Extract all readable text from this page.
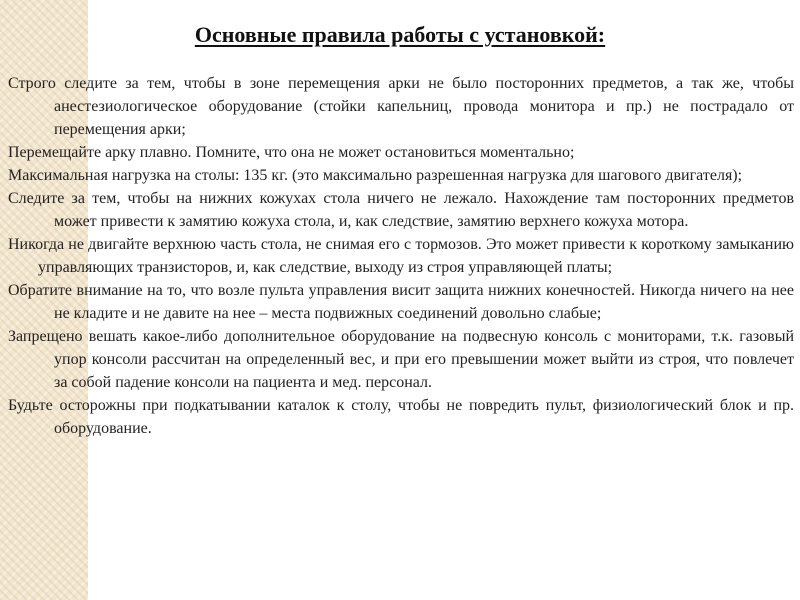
Основные правила работы с установкой:
Строго следите за тем, чтобы в зоне перемещения арки не было посторонних предметов, а так же, чтобы анестезиологическое оборудование (стойки капельниц, провода монитора и пр.) не пострадало от перемещения арки;
Перемещайте арку плавно. Помните, что она не может остановиться моментально;
Максимальная нагрузка на столы: 135 кг. (это максимально разрешенная нагрузка для шагового двигателя);
Следите за тем, чтобы на нижних кожухах стола ничего не лежало. Нахождение там посторонних предметов может привести к замятию кожуха стола, и, как следствие, замятию верхнего кожуха мотора.
Никогда не двигайте верхнюю часть стола, не снимая его с тормозов. Это может привести к короткому замыканию управляющих транзисторов, и, как следствие, выходу из строя управляющей платы;
Обратите внимание на то, что возле пульта управления висит защита нижних конечностей. Никогда ничего на нее не кладите и не давите на нее – места подвижных соединений довольно слабые;
Запрещено вешать какое-либо дополнительное оборудование на подвесную консоль с мониторами, т.к. газовый упор консоли рассчитан на определенный вес, и при его превышении может выйти из строя, что повлечет за собой падение консоли на пациента и мед. персонал.
Будьте осторожны при подкатывании каталок к столу, чтобы не повредить пульт, физиологический блок и пр. оборудование.
